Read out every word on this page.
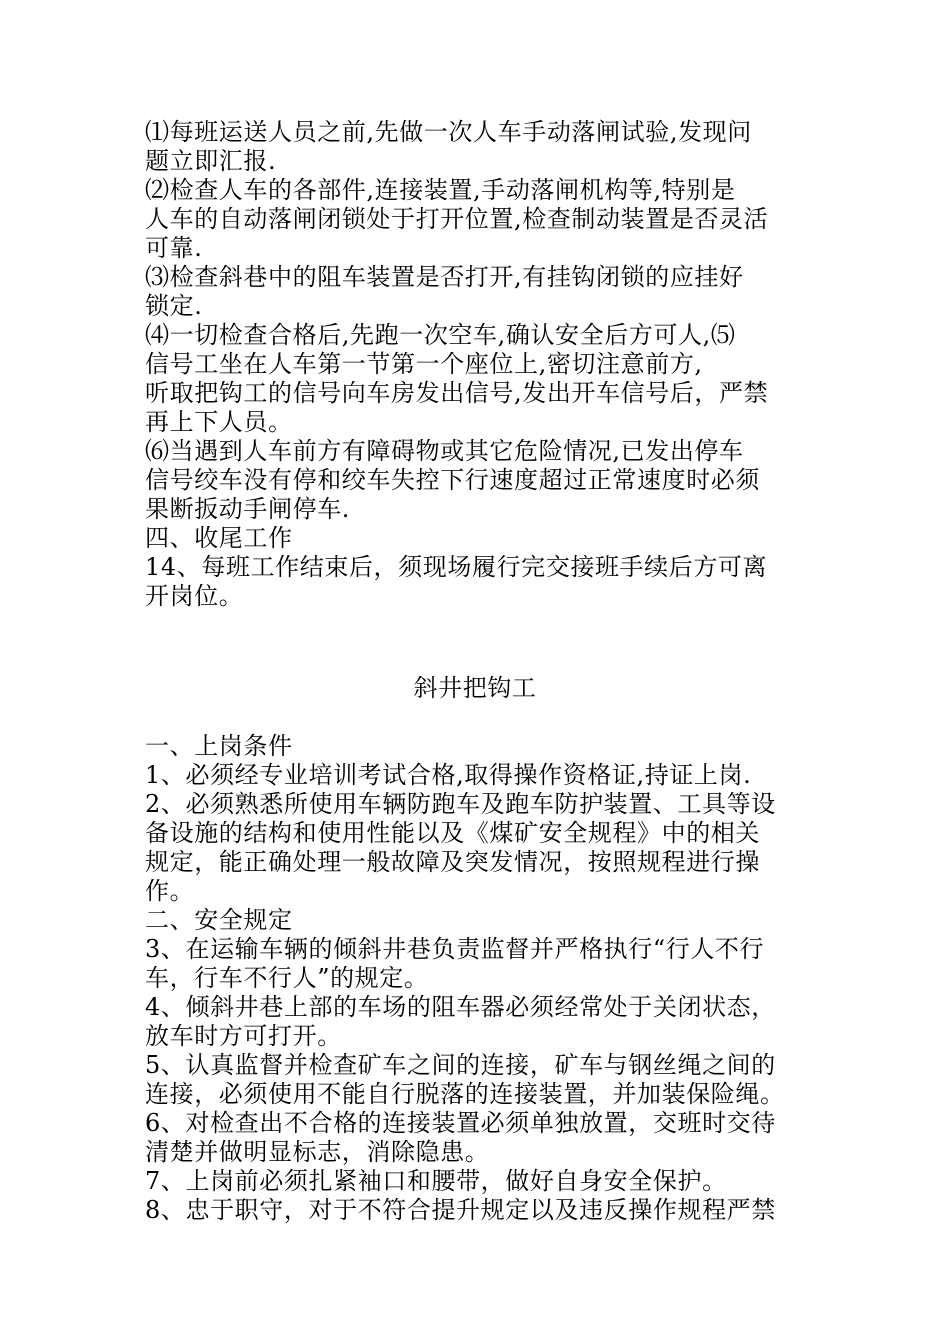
⑴每班运送人员之前,先做一次人车手动落闸试验,发现问
题立即汇报.
⑵检查人车的各部件,连接装置,手动落闸机构等,特别是
人车的自动落闸闭锁处于打开位置,检查制动装置是否灵活
可靠.
⑶检查斜巷中的阻车装置是否打开,有挂钩闭锁的应挂好
锁定.
⑷一切检查合格后,先跑一次空车,确认安全后方可人,⑸
信号工坐在人车第一节第一个座位上,密切注意前方,
听取把钩工的信号向车房发出信号,发出开车信号后，严禁
再上下人员。
⑹当遇到人车前方有障碍物或其它危险情况,已发出停车
信号绞车没有停和绞车失控下行速度超过正常速度时必须
果断扳动手闸停车.
四、收尾工作
14、每班工作结束后，须现场履行完交接班手续后方可离
开岗位。
斜井把钩工
一、上岗条件
1、必须经专业培训考试合格,取得操作资格证,持证上岗.
2、必须熟悉所使用车辆防跑车及跑车防护装置、工具等设
备设施的结构和使用性能以及《煤矿安全规程》中的相关
规定，能正确处理一般故障及突发情况，按照规程进行操
作。
二、安全规定
3、在运输车辆的倾斜井巷负责监督并严格执行“行人不行
车，行车不行人”的规定。
4、倾斜井巷上部的车场的阻车器必须经常处于关闭状态，
放车时方可打开。
5、认真监督并检查矿车之间的连接，矿车与钢丝绳之间的
连接，必须使用不能自行脱落的连接装置，并加装保险绳。
6、对检查出不合格的连接装置必须单独放置，交班时交待
清楚并做明显标志，消除隐患。
7、上岗前必须扎紧袖口和腰带，做好自身安全保护。
8、忠于职守，对于不符合提升规定以及违反操作规程严禁
